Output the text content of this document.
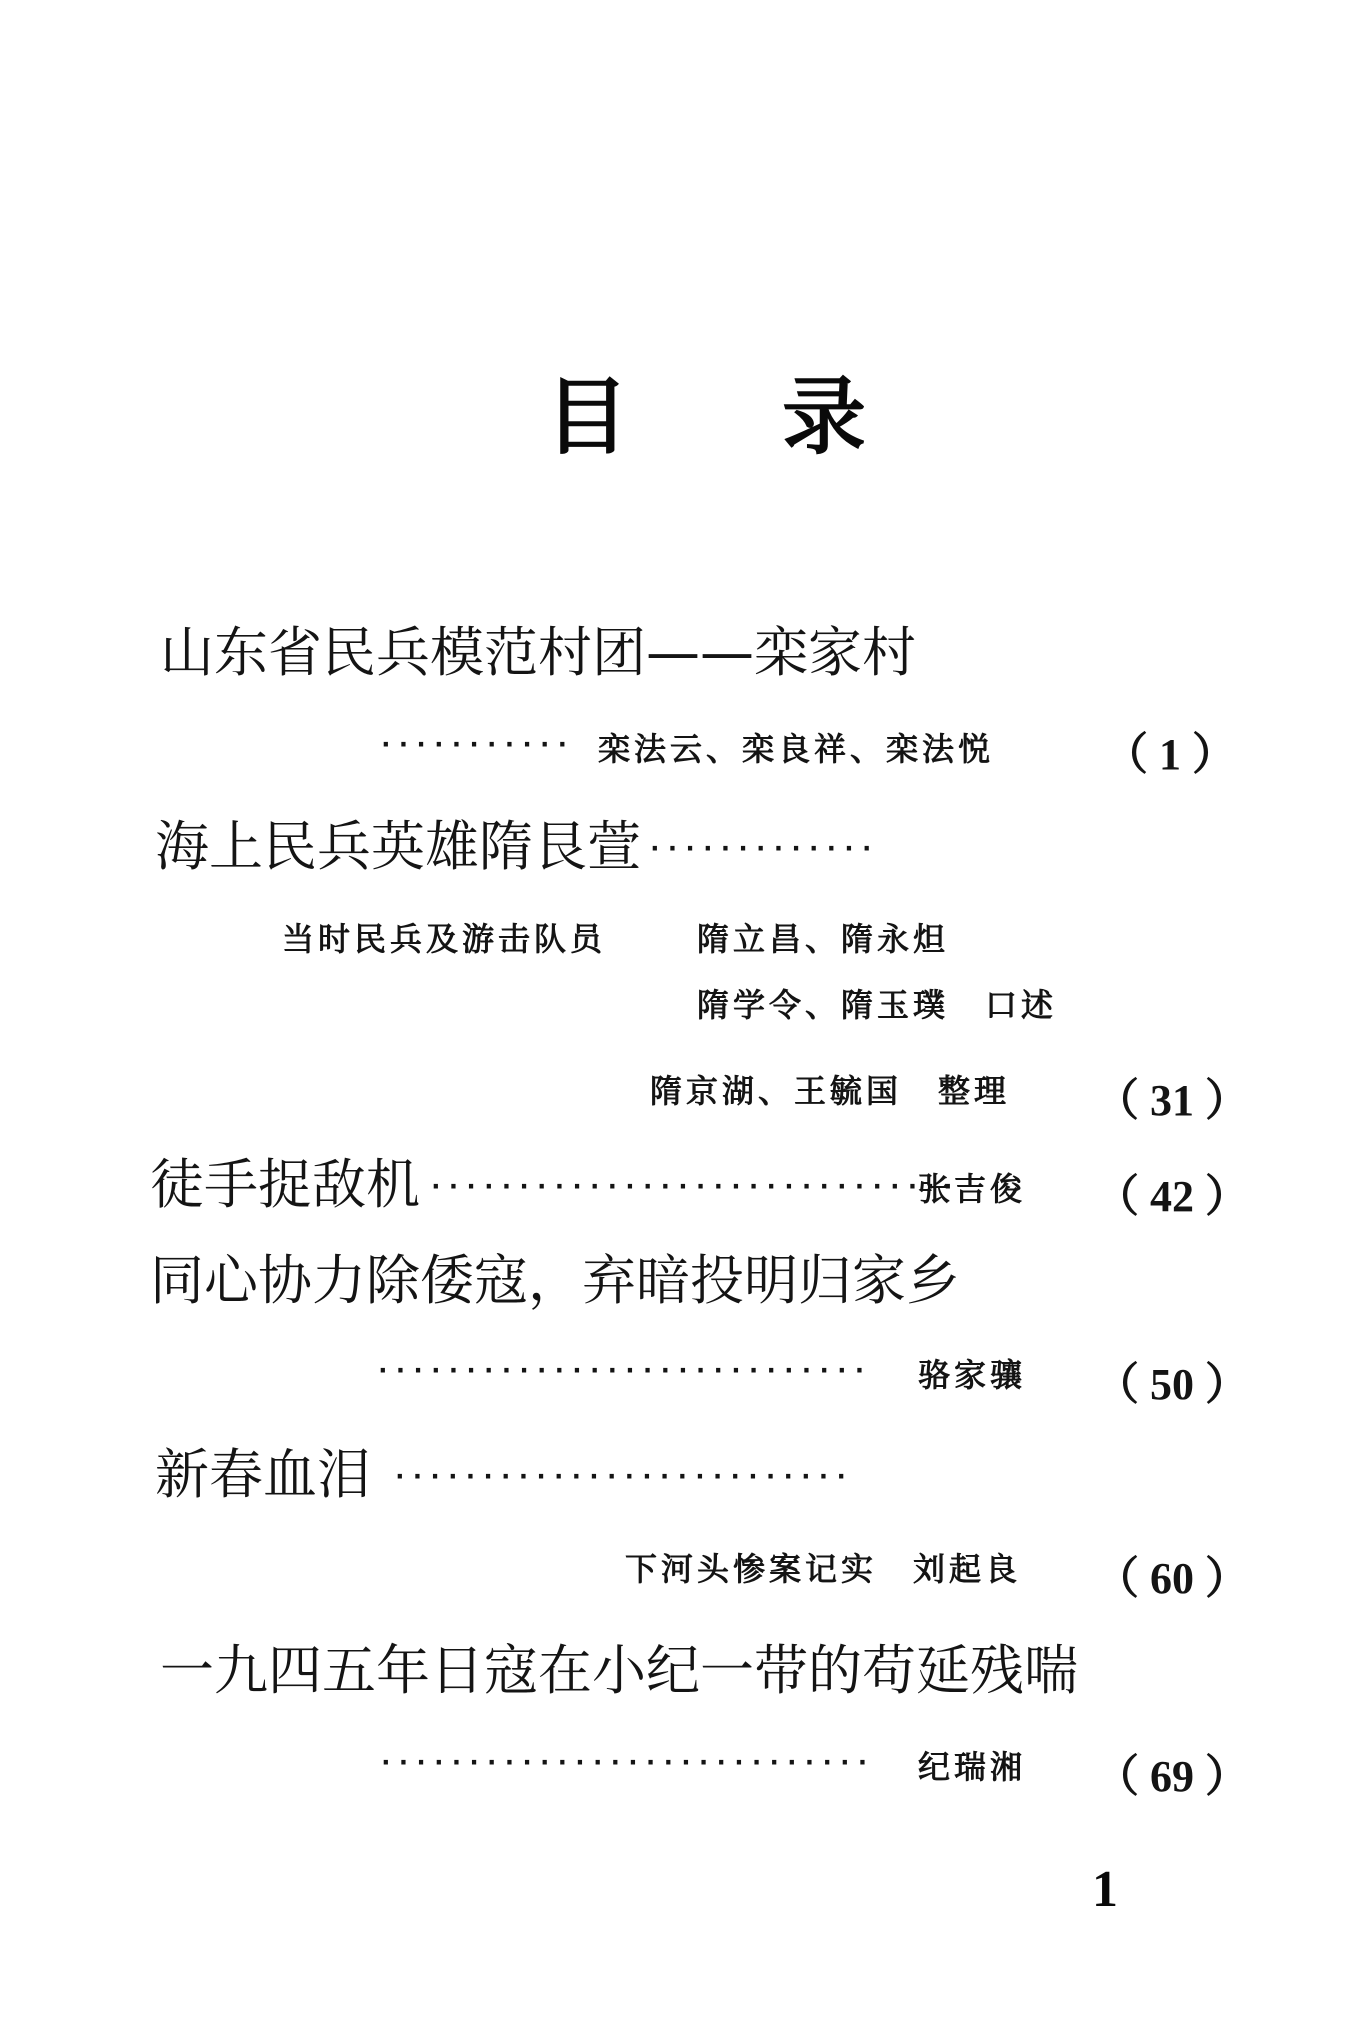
目 录
山东省民兵模范村团——栾家村
··········· 栾法云、栾良祥、栾法悦 （ 1 ）
海上民兵英雄隋艮萱 ·············
当时民兵及游击队员	隋立昌、隋永炟
隋学令、隋玉璞　口述
隋京湖、王毓国　整理 （ 31 ）
徒手捉敌机 ······························
张吉俊 （ 42 ）
同心协力除倭寇，弃暗投明归家乡
···························· 骆家骧 （ 50 ）
新春血泪 ··························
下河头惨案记实　刘起良 （ 60 ）
一九四五年日寇在小纪一带的苟延残喘
···························· 纪瑞湘 （ 69 ）
1
